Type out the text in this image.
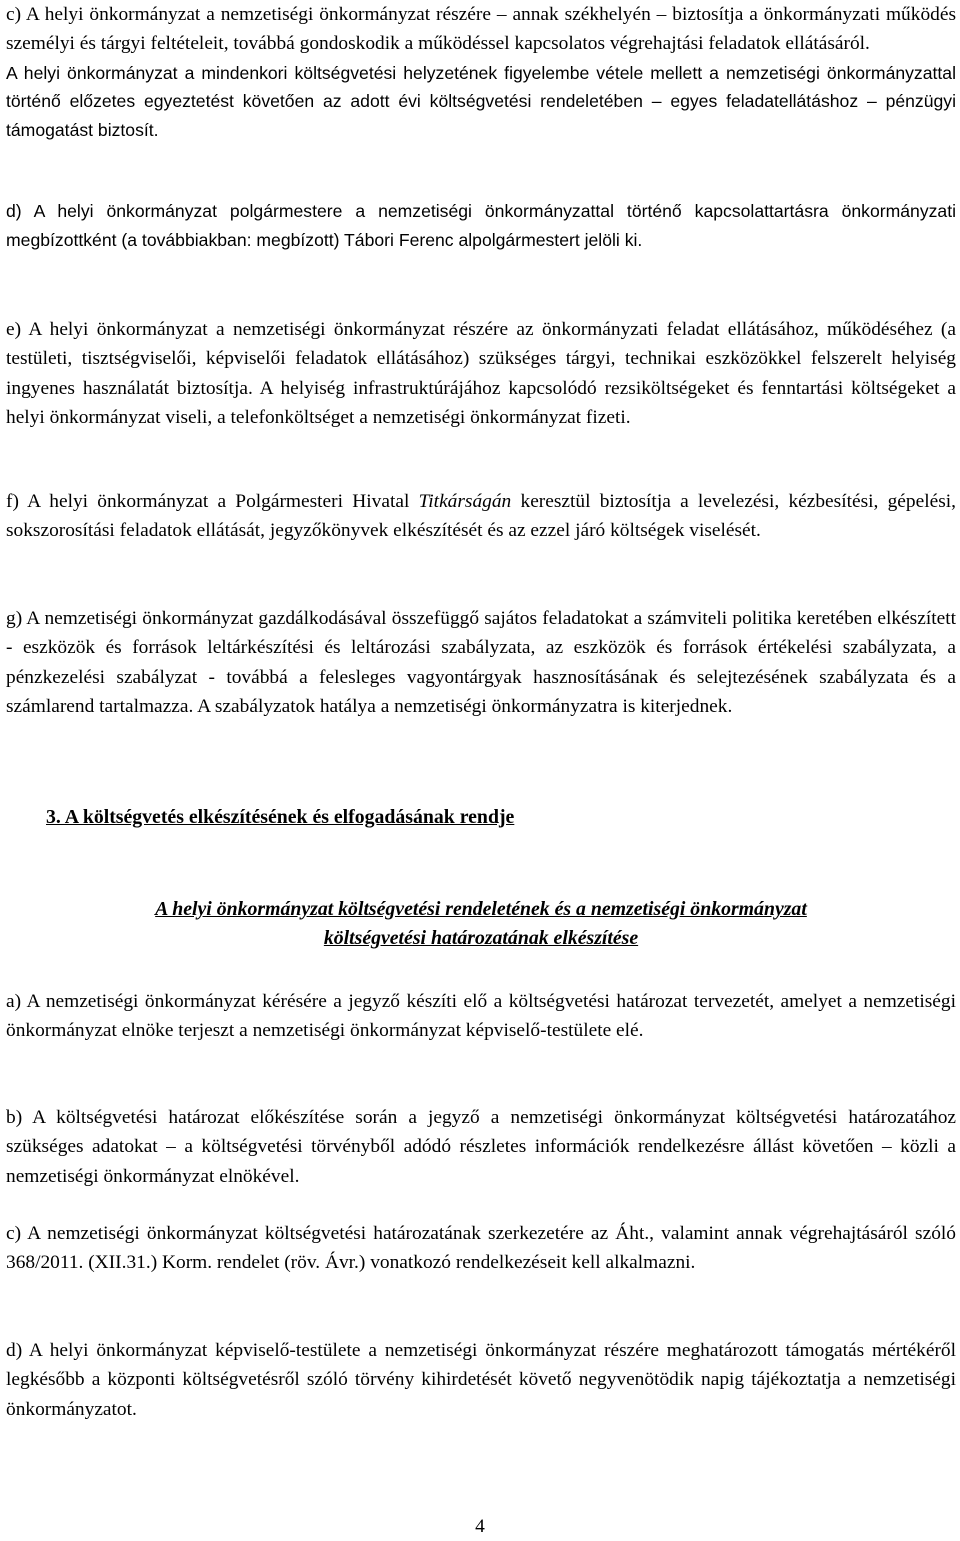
c) A helyi önkormányzat a nemzetiségi önkormányzat részére – annak székhelyén – biztosítja a önkormányzati működés személyi és tárgyi feltételeit, továbbá gondoskodik a működéssel kapcsolatos végrehajtási feladatok ellátásáról.

A helyi önkormányzat a mindenkori költségvetési helyzetének figyelembe vétele mellett a nemzetiségi önkormányzattal történő előzetes egyeztetést követően az adott évi költségvetési rendeletében – egyes feladatellátáshoz – pénzügyi támogatást biztosít.

d) A helyi önkormányzat polgármestere a nemzetiségi önkormányzattal történő kapcsolattartásra önkormányzati megbízottként (a továbbiakban: megbízott) Tábori Ferenc alpolgármestert jelöli ki.

e) A helyi önkormányzat a nemzetiségi önkormányzat részére az önkormányzati feladat ellátásához, működéséhez (a testületi, tisztségviselői, képviselői feladatok ellátásához) szükséges tárgyi, technikai eszközökkel felszerelt helyiség ingyenes használatát biztosítja. A helyiség infrastruktúrájához kapcsolódó rezsiköltségeket és fenntartási költségeket a helyi önkormányzat viseli, a telefonköltséget a nemzetiségi önkormányzat fizeti.

f) A helyi önkormányzat a Polgármesteri Hivatal Titkárságán keresztül biztosítja a levelezési, kézbesítési, gépelési, sokszorosítási feladatok ellátását, jegyzőkönyvek elkészítését és az ezzel járó költségek viselését.

g) A nemzetiségi önkormányzat gazdálkodásával összefüggő sajátos feladatokat a számviteli politika keretében elkészített - eszközök és források leltárkészítési és leltározási szabályzata, az eszközök és források értékelési szabályzata, a pénzkezelési szabályzat - továbbá a felesleges vagyontárgyak hasznosításának és selejtezésének szabályzata és a számlarend tartalmazza. A szabályzatok hatálya a nemzetiségi önkormányzatra is kiterjednek.

3. A költségvetés elkészítésének és elfogadásának rendje
A helyi önkormányzat költségvetési rendeletének és a nemzetiségi önkormányzat
költségvetési határozatának elkészítése

a) A nemzetiségi önkormányzat kérésére a jegyző készíti elő a költségvetési határozat tervezetét, amelyet a nemzetiségi önkormányzat elnöke terjeszt a nemzetiségi önkormányzat képviselő-testülete elé.

b) A költségvetési határozat előkészítése során a jegyző a nemzetiségi önkormányzat költségvetési határozatához szükséges adatokat – a költségvetési törvényből adódó részletes információk rendelkezésre állást követően – közli a nemzetiségi önkormányzat elnökével.

c) A nemzetiségi önkormányzat költségvetési határozatának szerkezetére az Áht., valamint annak végrehajtásáról szóló 368/2011. (XII.31.) Korm. rendelet (röv. Ávr.) vonatkozó rendelkezéseit kell alkalmazni.

d) A helyi önkormányzat képviselő-testülete a nemzetiségi önkormányzat részére meghatározott támogatás mértékéről legkésőbb a központi költségvetésről szóló törvény kihirdetését követő negyvenötödik napig tájékoztatja a nemzetiségi önkormányzatot.

4
